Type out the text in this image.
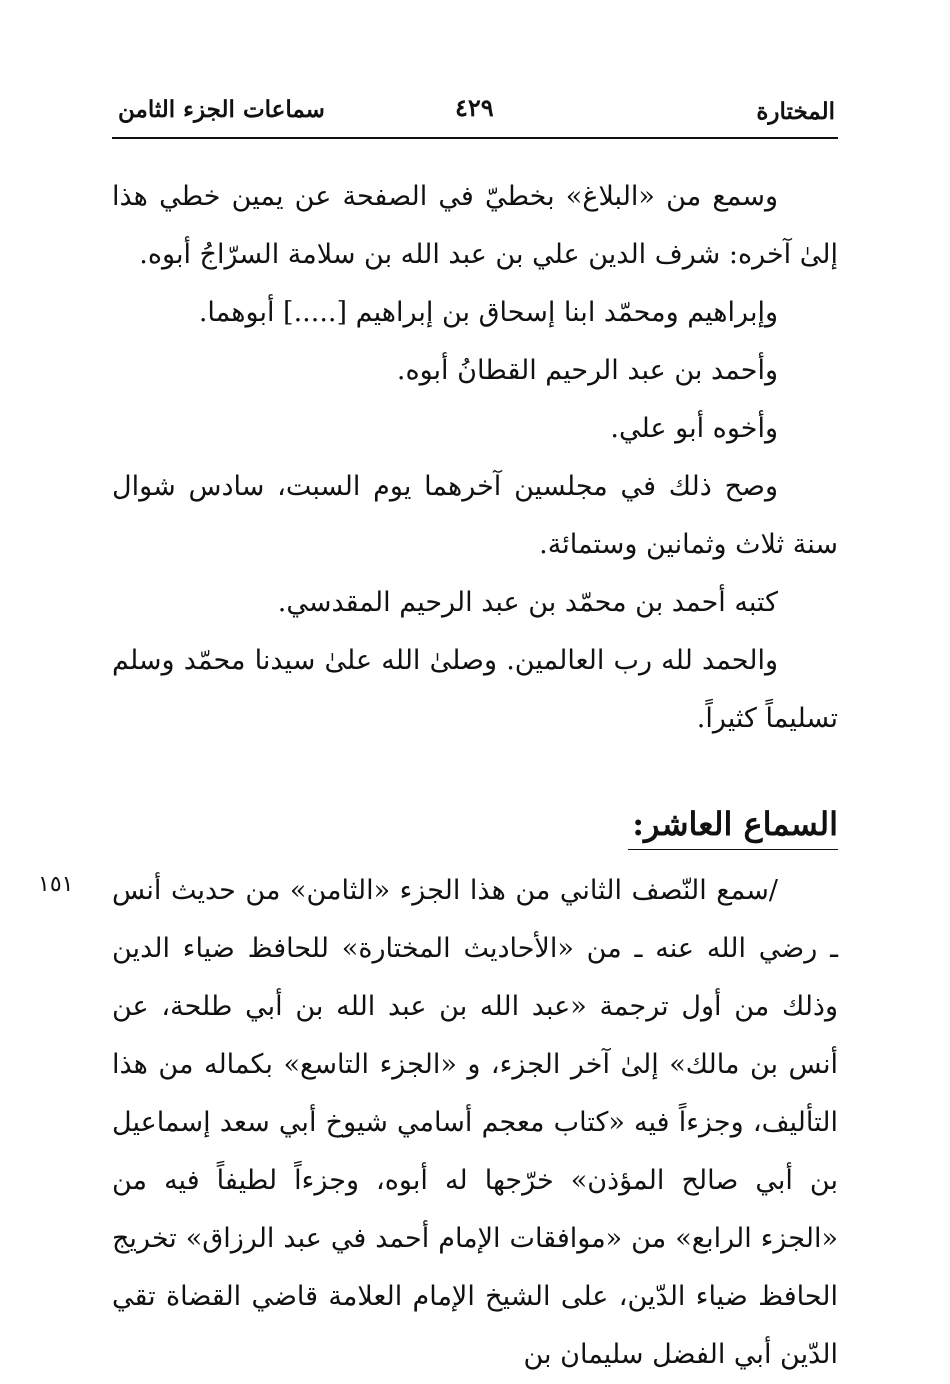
المختارة
٤٢٩
سماعات الجزء الثامن

وسمع من «البلاغ» بخطيّ في الصفحة عن يمين خطي هذا إلىٰ آخره: شرف الدين علي بن عبد الله بن سلامة السرّاجُ أبوه.

وإبراهيم ومحمّد ابنا إسحاق بن إبراهيم [.....] أبوهما.

وأحمد بن عبد الرحيم القطانُ أبوه.

وأخوه أبو علي.

وصح ذلك في مجلسين آخرهما يوم السبت، سادس شوال سنة ثلاث وثمانين وستمائة.

كتبه أحمد بن محمّد بن عبد الرحيم المقدسي.

والحمد لله رب العالمين. وصلىٰ الله علىٰ سيدنا محمّد وسلم تسليماً كثيراً.

السماع العاشر:
١٥١ /سمع النّصف الثاني من هذا الجزء «الثامن» من حديث أنس ـ رضي الله عنه ـ من «الأحاديث المختارة» للحافظ ضياء الدين وذلك من أول ترجمة «عبد الله بن عبد الله بن أبي طلحة، عن أنس بن مالك» إلىٰ آخر الجزء، و «الجزء التاسع» بكماله من هذا التأليف، وجزءاً فيه «كتاب معجم أسامي شيوخ أبي سعد إسماعيل بن أبي صالح المؤذن» خرّجها له أبوه، وجزءاً لطيفاً فيه من «الجزء الرابع» من «موافقات الإمام أحمد في عبد الرزاق» تخريج الحافظ ضياء الدّين، على الشيخ الإمام العلامة قاضي القضاة تقي الدّين أبي الفضل سليمان بن
